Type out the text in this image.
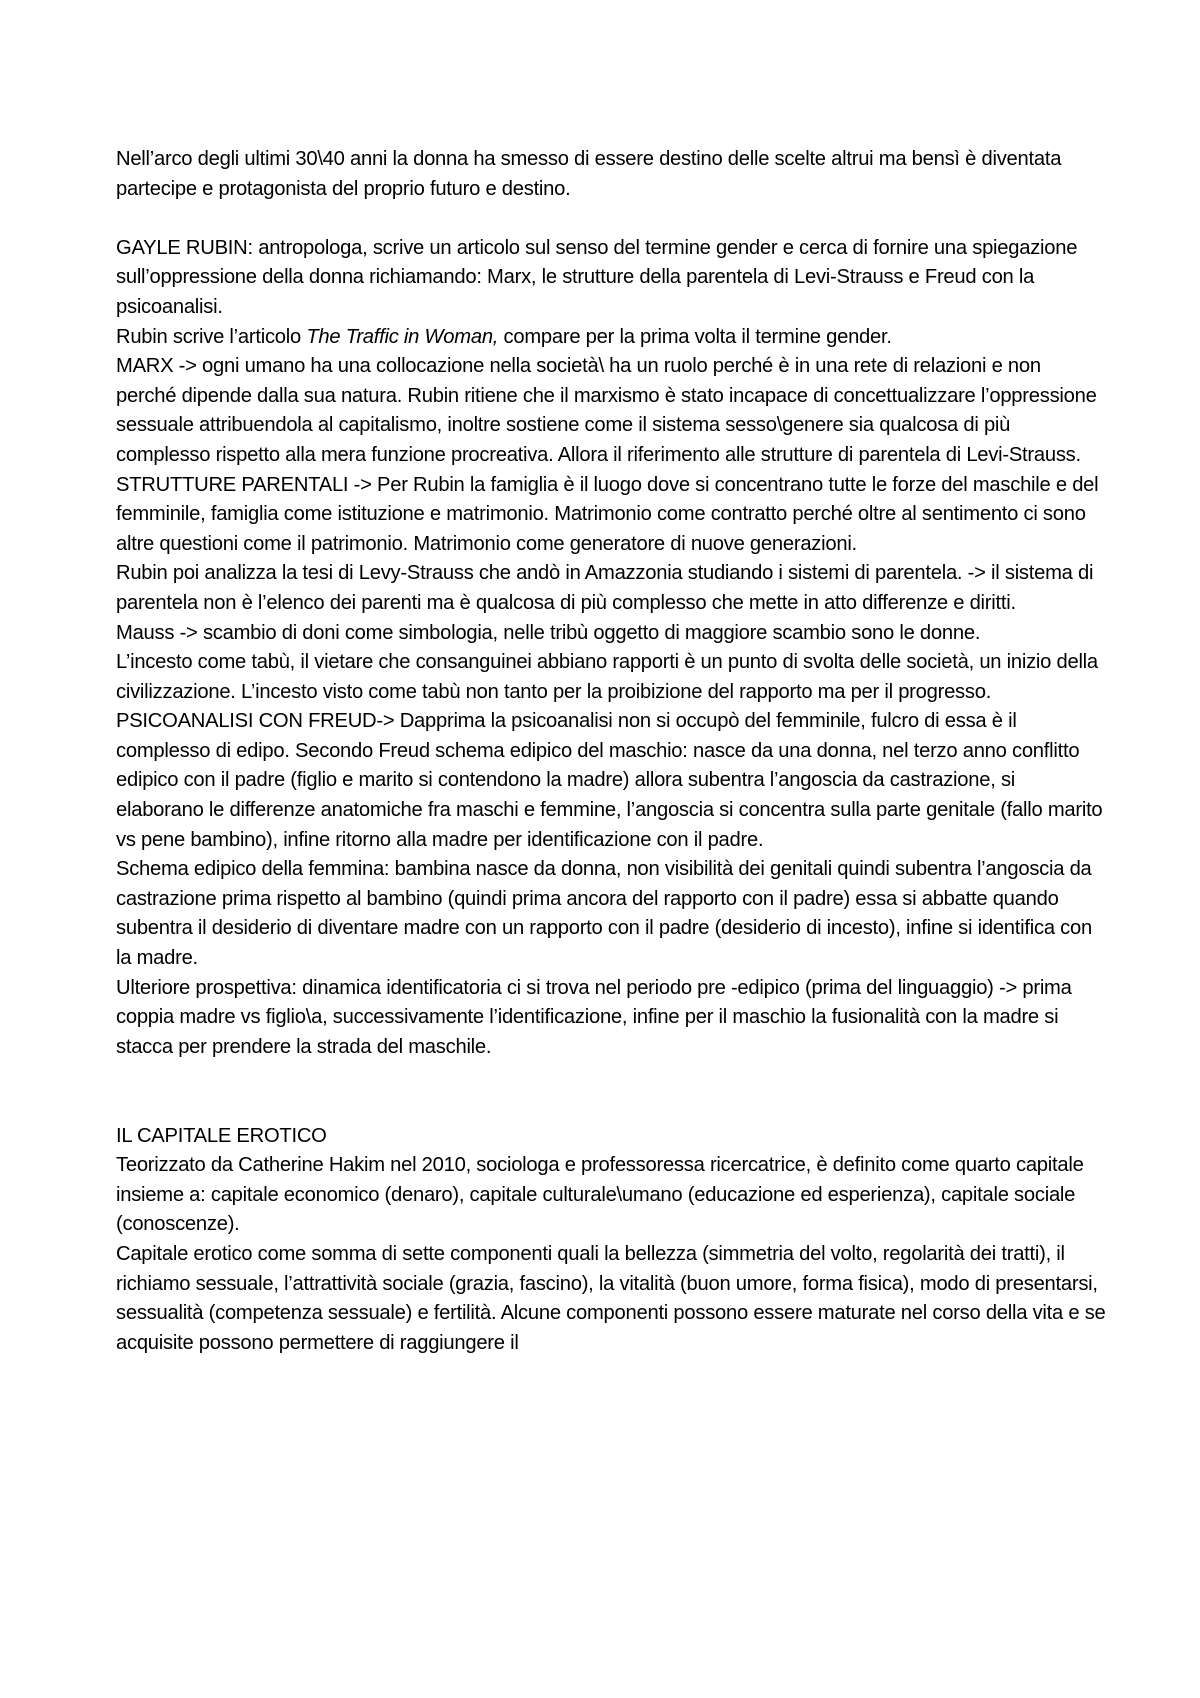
Nell’arco degli ultimi 30\40 anni la donna ha smesso di essere destino delle scelte altrui ma bensì è diventata partecipe e protagonista del proprio futuro e destino.

GAYLE RUBIN: antropologa, scrive un articolo sul senso del termine gender e cerca di fornire una spiegazione sull’oppressione della donna richiamando: Marx, le strutture della parentela di Levi-Strauss e Freud con la psicoanalisi.

Rubin scrive l’articolo The Traffic in Woman, compare per la prima volta il termine gender.

MARX -> ogni umano ha una collocazione nella società\ ha un ruolo perché è in una rete di relazioni e non perché dipende dalla sua natura. Rubin ritiene che il marxismo è stato incapace di concettualizzare l’oppressione sessuale attribuendola al capitalismo, inoltre sostiene come il sistema sesso\genere sia qualcosa di più complesso rispetto alla mera funzione procreativa. Allora il riferimento alle strutture di parentela di Levi-Strauss.

STRUTTURE PARENTALI -> Per Rubin la famiglia è il luogo dove si concentrano tutte le forze del maschile e del femminile, famiglia come istituzione e matrimonio. Matrimonio come contratto perché oltre al sentimento ci sono altre questioni come il patrimonio. Matrimonio come generatore di nuove generazioni.

Rubin poi analizza la tesi di Levy-Strauss che andò in Amazzonia studiando i sistemi di parentela. -> il sistema di parentela non è l’elenco dei parenti ma è qualcosa di più complesso che mette in atto differenze e diritti.

Mauss -> scambio di doni come simbologia, nelle tribù oggetto di maggiore scambio sono le donne.

L’incesto come tabù, il vietare che consanguinei abbiano rapporti è un punto di svolta delle società, un inizio della civilizzazione. L’incesto visto come tabù non tanto per la proibizione del rapporto ma per il progresso.

PSICOANALISI CON FREUD-> Dapprima la psicoanalisi non si occupò del femminile, fulcro di essa è il complesso di edipo. Secondo Freud schema edipico del maschio: nasce da una donna, nel terzo anno conflitto edipico con il padre (figlio e marito si contendono la madre) allora subentra l’angoscia da castrazione, si elaborano le differenze anatomiche fra maschi e femmine, l’angoscia si concentra sulla parte genitale (fallo marito vs pene bambino), infine ritorno alla madre per identificazione con il padre.

Schema edipico della femmina: bambina nasce da donna, non visibilità dei genitali quindi subentra l’angoscia da castrazione prima rispetto al bambino (quindi prima ancora del rapporto con il padre) essa si abbatte quando subentra il desiderio di diventare madre con un rapporto con il padre (desiderio di incesto), infine si identifica con la madre.

Ulteriore prospettiva: dinamica identificatoria ci si trova nel periodo pre -edipico (prima del linguaggio) -> prima coppia madre vs figlio\a, successivamente l’identificazione, infine per il maschio la fusionalità con la madre si stacca per prendere la strada del maschile.

IL CAPITALE EROTICO

Teorizzato da Catherine Hakim nel 2010, sociologa e professoressa ricercatrice, è definito come quarto capitale insieme a: capitale economico (denaro), capitale culturale\umano (educazione ed esperienza), capitale sociale (conoscenze).

Capitale erotico come somma di sette componenti quali la bellezza (simmetria del volto, regolarità dei tratti), il richiamo sessuale, l’attrattività sociale (grazia, fascino), la vitalità (buon umore, forma fisica), modo di presentarsi, sessualità (competenza sessuale) e fertilità. Alcune componenti possono essere maturate nel corso della vita e se acquisite possono permettere di raggiungere il
